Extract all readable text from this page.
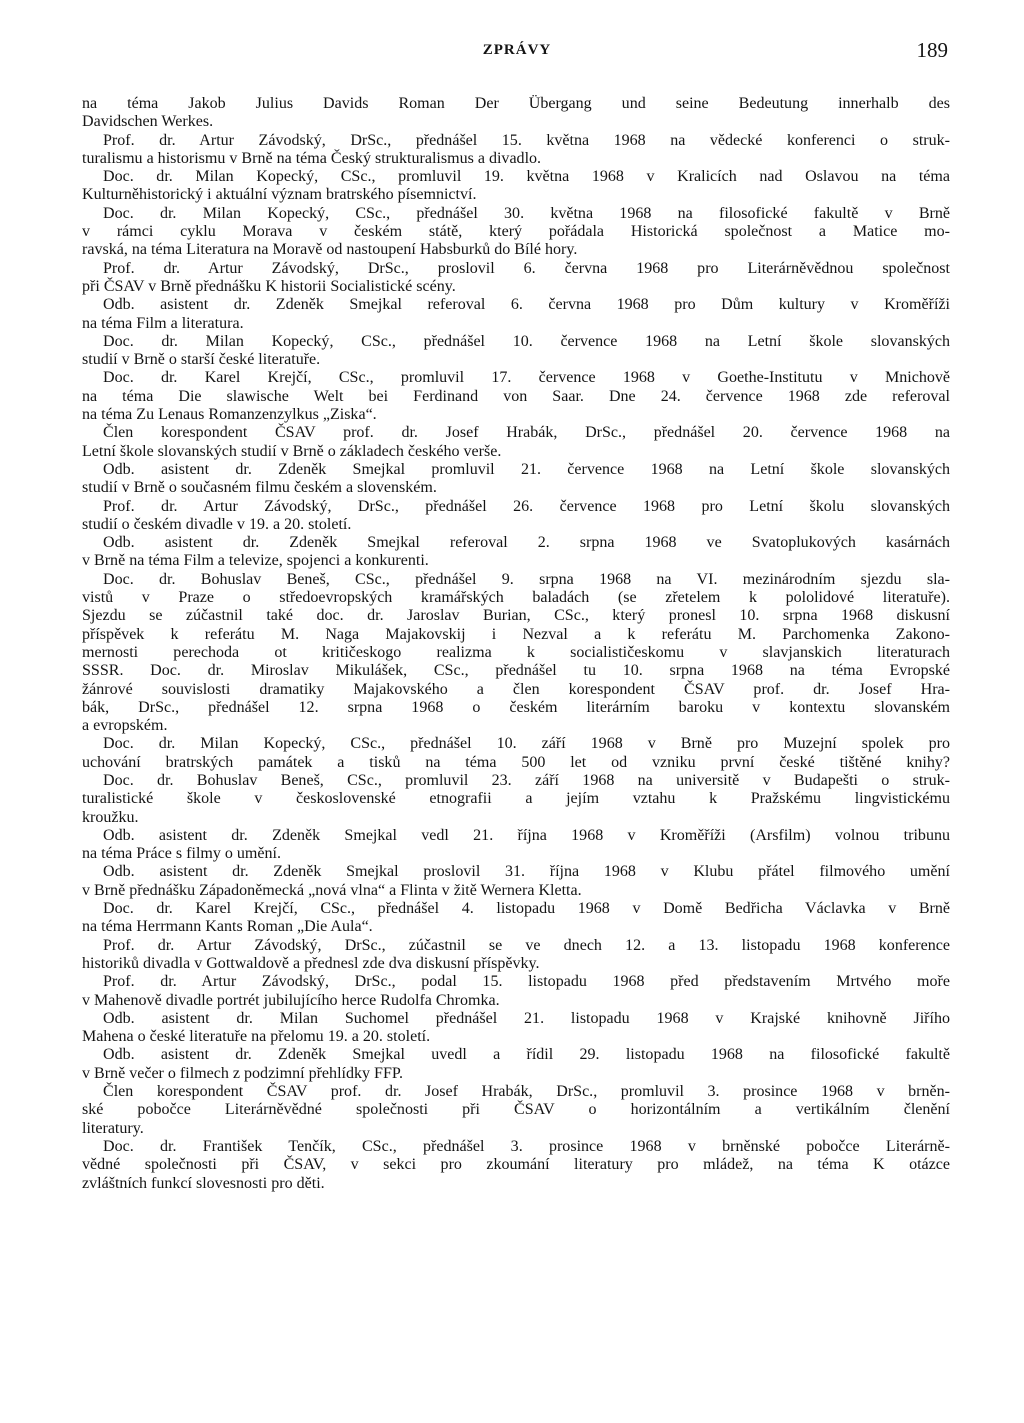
ZPRÁVY	189
na téma Jakob Julius Davids Roman Der Übergang und seine Bedeutung innerhalb des
Davidschen Werkes.
Prof. dr. Artur Závodský, DrSc., přednášel 15. května 1968 na vědecké konferenci o struk-
turalismu a historismu v Brně na téma Český strukturalismus a divadlo.
Doc. dr. Milan Kopecký, CSc., promluvil 19. května 1968 v Kralicích nad Oslavou na téma
Kulturněhistorický i aktuální význam bratrského písemnictví.
Doc. dr. Milan Kopecký, CSc., přednášel 30. května 1968 na filosofické fakultě v Brně
v rámci cyklu Morava v českém státě, který pořádala Historická společnost a Matice mo-
ravská, na téma Literatura na Moravě od nastoupení Habsburků do Bílé hory.
Prof. dr. Artur Závodský, DrSc., proslovil 6. června 1968 pro Literárněvědnou společnost
při ČSAV v Brně přednášku K historii Socialistické scény.
Odb. asistent dr. Zdeněk Smejkal referoval 6. června 1968 pro Dům kultury v Kroměříži
na téma Film a literatura.
Doc. dr. Milan Kopecký, CSc., přednášel 10. července 1968 na Letní škole slovanských
studií v Brně o starší české literatuře.
Doc. dr. Karel Krejčí, CSc., promluvil 17. července 1968 v Goethe-Institutu v Mnichově
na téma Die slawische Welt bei Ferdinand von Saar. Dne 24. července 1968 zde referoval
na téma Zu Lenaus Romanzenzylkus „Ziska“.
Člen korespondent ČSAV prof. dr. Josef Hrabák, DrSc., přednášel 20. července 1968 na
Letní škole slovanských studií v Brně o základech českého verše.
Odb. asistent dr. Zdeněk Smejkal promluvil 21. července 1968 na Letní škole slovanských
studií v Brně o současném filmu českém a slovenském.
Prof. dr. Artur Závodský, DrSc., přednášel 26. července 1968 pro Letní školu slovanských
studií o českém divadle v 19. a 20. století.
Odb. asistent dr. Zdeněk Smejkal referoval 2. srpna 1968 ve Svatoplukových kasárnách
v Brně na téma Film a televize, spojenci a konkurenti.
Doc. dr. Bohuslav Beneš, CSc., přednášel 9. srpna 1968 na VI. mezinárodním sjezdu sla-
vistů v Praze o středoevropských kramářských baladách (se zřetelem k pololidové literatuře).
Sjezdu se zúčastnil také doc. dr. Jaroslav Burian, CSc., který pronesl 10. srpna 1968 diskusní
příspěvek k referátu M. Naga Majakovskij i Nezval a k referátu M. Parchomenka Zakono-
mernosti perechoda ot kritičeskogo realizma k socialističeskomu v slavjanskich literaturach
SSSR. Doc. dr. Miroslav Mikulášek, CSc., přednášel tu 10. srpna 1968 na téma Evropské
žánrové souvislosti dramatiky Majakovského a člen korespondent ČSAV prof. dr. Josef Hra-
bák, DrSc., přednášel 12. srpna 1968 o českém literárním baroku v kontextu slovanském
a evropském.
Doc. dr. Milan Kopecký, CSc., přednášel 10. září 1968 v Brně pro Muzejní spolek pro
uchování bratrských památek a tisků na téma 500 let od vzniku první české tištěné knihy?
Doc. dr. Bohuslav Beneš, CSc., promluvil 23. září 1968 na universitě v Budapešti o struk-
turalistické škole v československé etnografii a jejím vztahu k Pražskému lingvistickému
kroužku.
Odb. asistent dr. Zdeněk Smejkal vedl 21. října 1968 v Kroměříži (Arsfilm) volnou tribunu
na téma Práce s filmy o umění.
Odb. asistent dr. Zdeněk Smejkal proslovil 31. října 1968 v Klubu přátel filmového umění
v Brně přednášku Západoněmecká „nová vlna“ a Flinta v žitě Wernera Kletta.
Doc. dr. Karel Krejčí, CSc., přednášel 4. listopadu 1968 v Domě Bedřicha Václavka v Brně
na téma Herrmann Kants Roman „Die Aula“.
Prof. dr. Artur Závodský, DrSc., zúčastnil se ve dnech 12. a 13. listopadu 1968 konference
historiků divadla v Gottwaldově a přednesl zde dva diskusní příspěvky.
Prof. dr. Artur Závodský, DrSc., podal 15. listopadu 1968 před představením Mrtvého moře
v Mahenově divadle portrét jubilujícího herce Rudolfa Chromka.
Odb. asistent dr. Milan Suchomel přednášel 21. listopadu 1968 v Krajské knihovně Jiřího
Mahena o české literatuře na přelomu 19. a 20. století.
Odb. asistent dr. Zdeněk Smejkal uvedl a řídil 29. listopadu 1968 na filosofické fakultě
v Brně večer o filmech z podzimní přehlídky FFP.
Člen korespondent ČSAV prof. dr. Josef Hrabák, DrSc., promluvil 3. prosince 1968 v brněn-
ské pobočce Literárněvědné společnosti při ČSAV o horizontálním a vertikálním členění
literatury.
Doc. dr. František Tenčík, CSc., přednášel 3. prosince 1968 v brněnské pobočce Literárně-
vědné společnosti při ČSAV, v sekci pro zkoumání literatury pro mládež, na téma K otázce
zvláštních funkcí slovesnosti pro děti.
